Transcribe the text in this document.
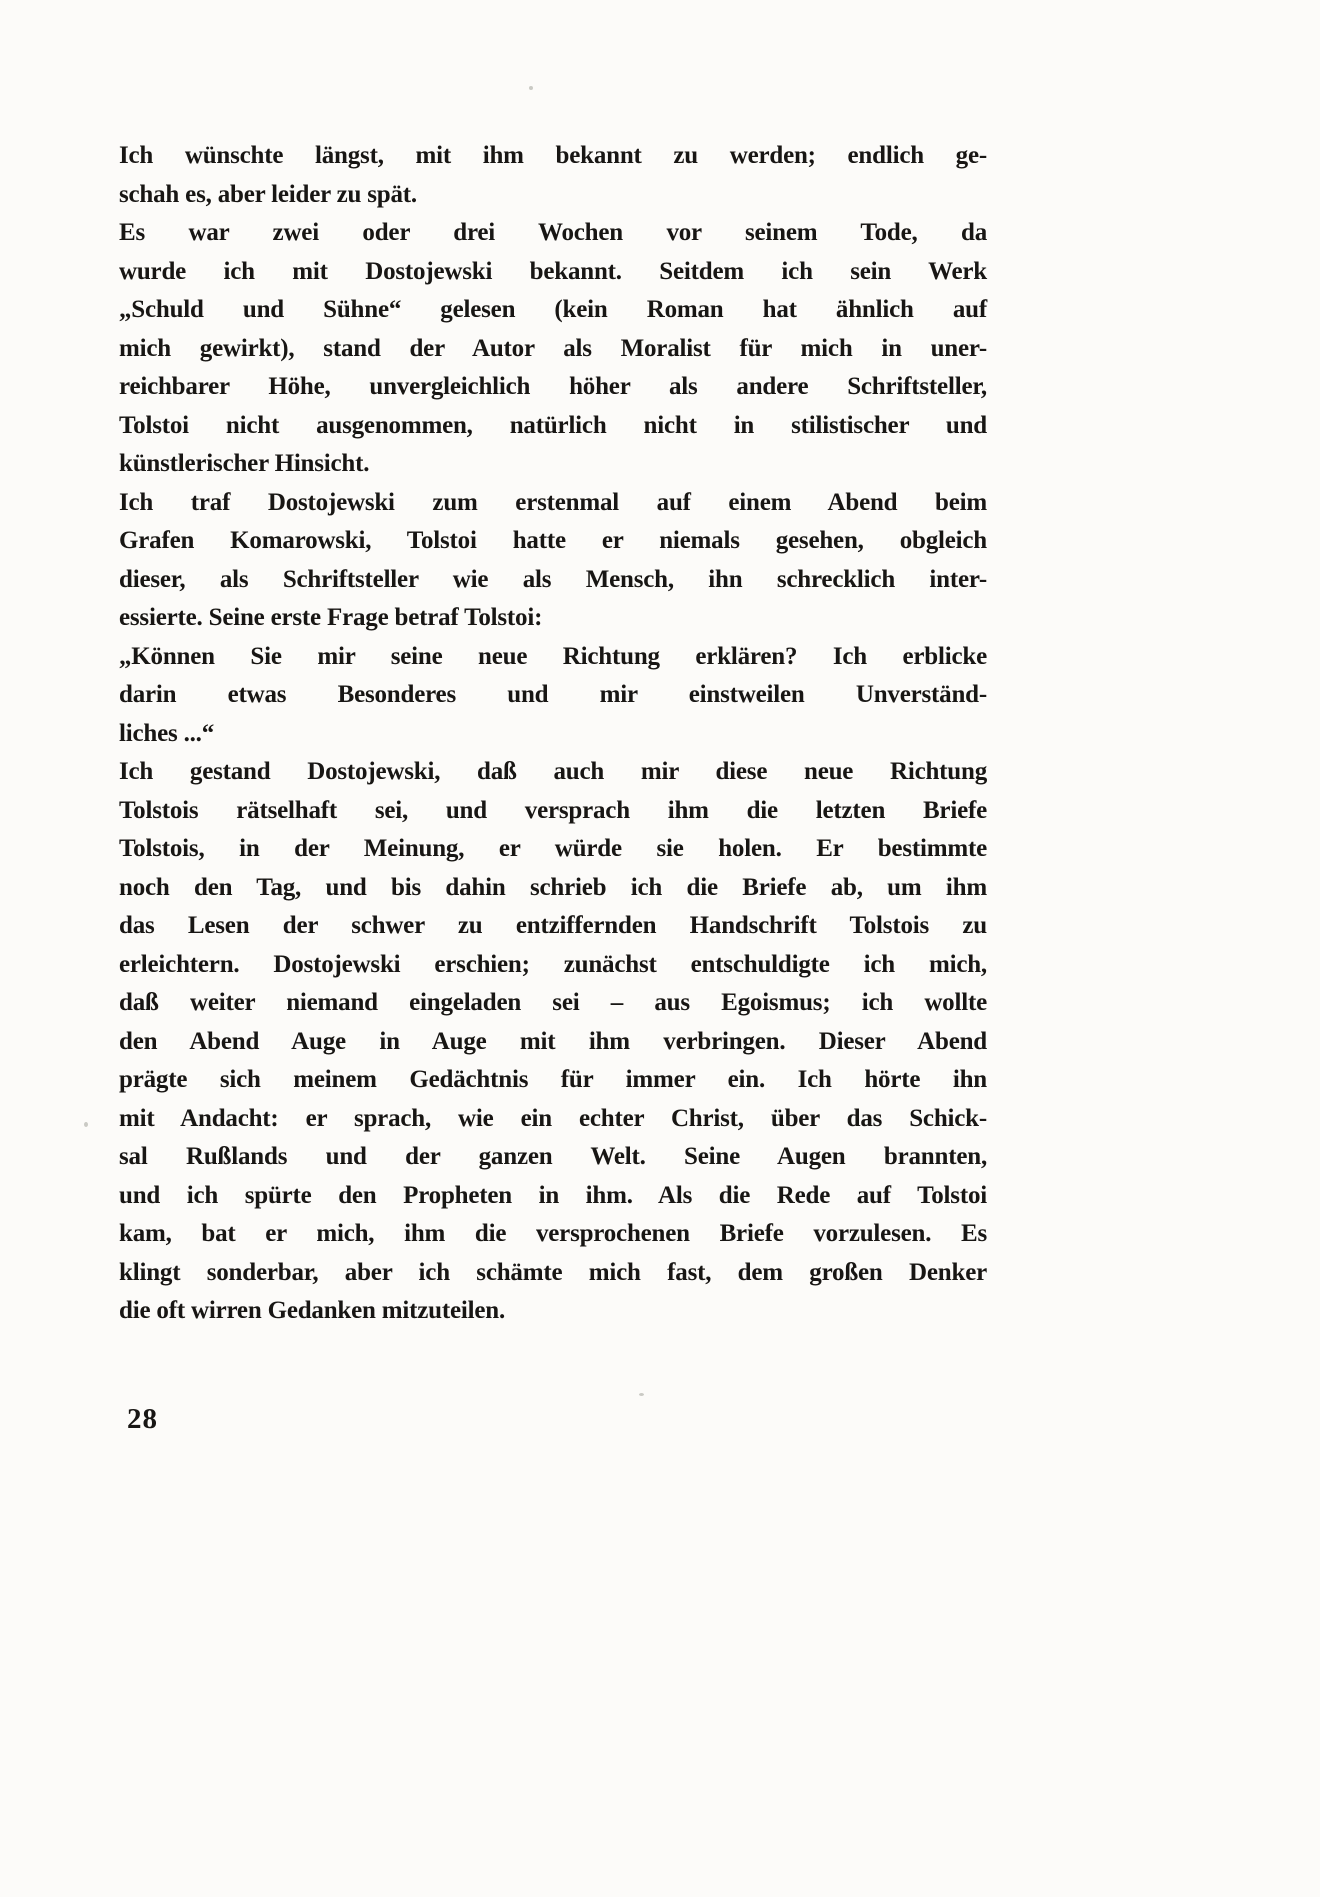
Ich wünschte längst, mit ihm bekannt zu werden; endlich ge-
schah es, aber leider zu spät.
Es war zwei oder drei Wochen vor seinem Tode, da
wurde ich mit Dostojewski bekannt. Seitdem ich sein Werk
„Schuld und Sühne“ gelesen (kein Roman hat ähnlich auf
mich gewirkt), stand der Autor als Moralist für mich in uner-
reichbarer Höhe, unvergleichlich höher als andere Schriftsteller,
Tolstoi nicht ausgenommen, natürlich nicht in stilistischer und
künstlerischer Hinsicht.
Ich traf Dostojewski zum erstenmal auf einem Abend beim
Grafen Komarowski, Tolstoi hatte er niemals gesehen, obgleich
dieser, als Schriftsteller wie als Mensch, ihn schrecklich inter-
essierte. Seine erste Frage betraf Tolstoi:
„Können Sie mir seine neue Richtung erklären? Ich erblicke
darin etwas Besonderes und mir einstweilen Unverständ-
liches ...“
Ich gestand Dostojewski, daß auch mir diese neue Richtung
Tolstois rätselhaft sei, und versprach ihm die letzten Briefe
Tolstois, in der Meinung, er würde sie holen. Er bestimmte
noch den Tag, und bis dahin schrieb ich die Briefe ab, um ihm
das Lesen der schwer zu entziffernden Handschrift Tolstois zu
erleichtern. Dostojewski erschien; zunächst entschuldigte ich mich,
daß weiter niemand eingeladen sei – aus Egoismus; ich wollte
den Abend Auge in Auge mit ihm verbringen. Dieser Abend
prägte sich meinem Gedächtnis für immer ein. Ich hörte ihn
mit Andacht: er sprach, wie ein echter Christ, über das Schick-
sal Rußlands und der ganzen Welt. Seine Augen brannten,
und ich spürte den Propheten in ihm. Als die Rede auf Tolstoi
kam, bat er mich, ihm die versprochenen Briefe vorzulesen. Es
klingt sonderbar, aber ich schämte mich fast, dem großen Denker
die oft wirren Gedanken mitzuteilen.
28
